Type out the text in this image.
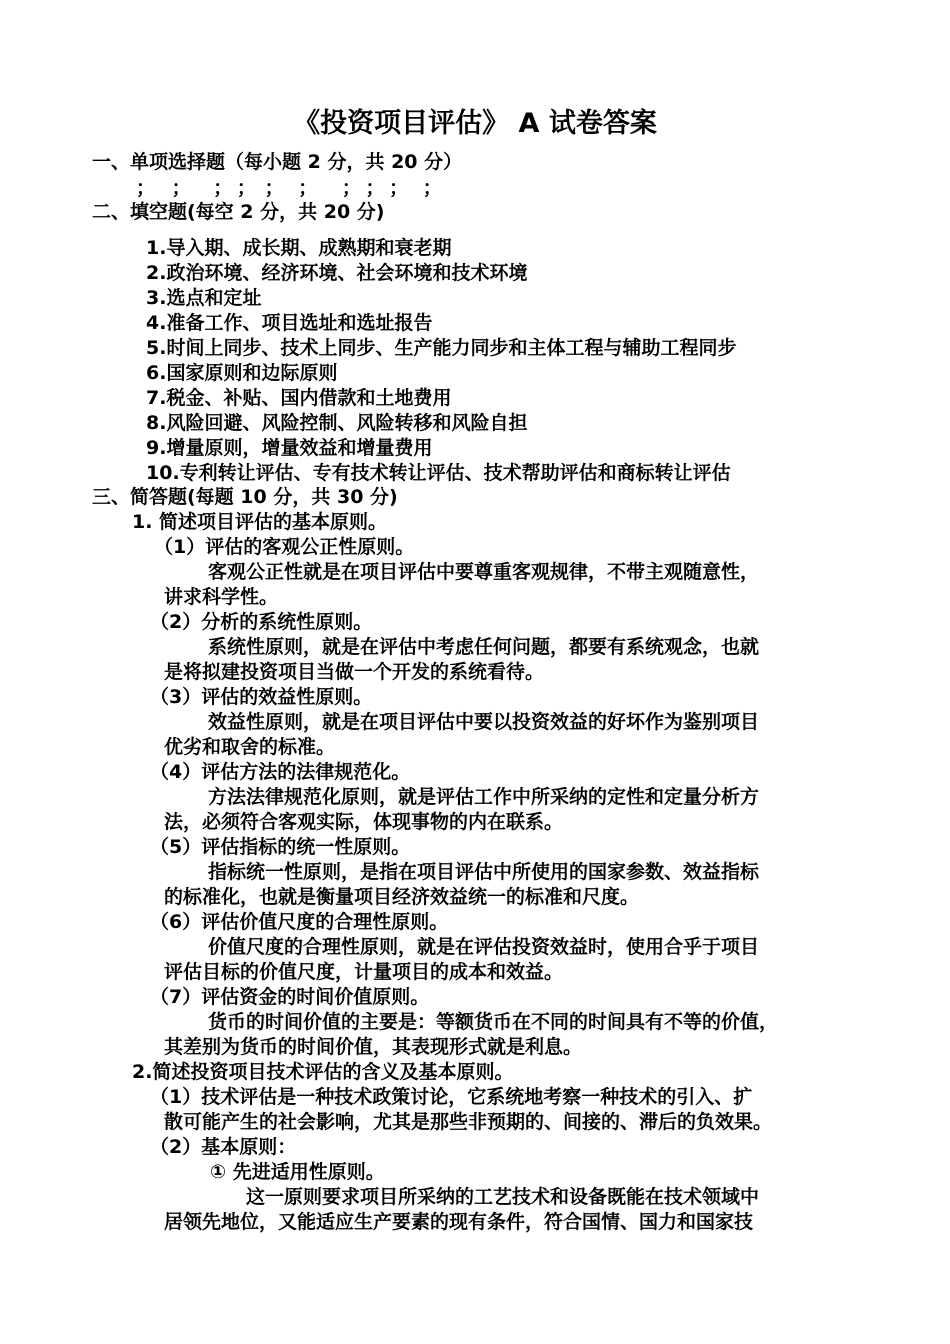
《投资项目评估》 A 试卷答案
一、单项选择题（每小题 2 分，共 20 分）
； ； ； ； ； ； ； ； ； ；
二、填空题(每空 2 分，共 20 分)
1.导入期、成长期、成熟期和衰老期
2.政治环境、经济环境、社会环境和技术环境
3.选点和定址
4.准备工作、项目选址和选址报告
5.时间上同步、技术上同步、生产能力同步和主体工程与辅助工程同步
6.国家原则和边际原则
7.税金、补贴、国内借款和土地费用
8.风险回避、风险控制、风险转移和风险自担
9.增量原则，增量效益和增量费用
10.专利转让评估、专有技术转让评估、技术帮助评估和商标转让评估
三、简答题(每题 10 分，共 30 分)
1. 简述项目评估的基本原则。
（1）评估的客观公正性原则。
客观公正性就是在项目评估中要尊重客观规律，不带主观随意性，
讲求科学性。
（2）分析的系统性原则。
系统性原则，就是在评估中考虑任何问题，都要有系统观念，也就
是将拟建投资项目当做一个开发的系统看待。
（3）评估的效益性原则。
效益性原则，就是在项目评估中要以投资效益的好坏作为鉴别项目
优劣和取舍的标准。
（4）评估方法的法律规范化。
方法法律规范化原则，就是评估工作中所采纳的定性和定量分析方
法，必须符合客观实际，体现事物的内在联系。
（5）评估指标的统一性原则。
指标统一性原则，是指在项目评估中所使用的国家参数、效益指标
的标准化，也就是衡量项目经济效益统一的标准和尺度。
（6）评估价值尺度的合理性原则。
价值尺度的合理性原则，就是在评估投资效益时，使用合乎于项目
评估目标的价值尺度，计量项目的成本和效益。
（7）评估资金的时间价值原则。
货币的时间价值的主要是：等额货币在不同的时间具有不等的价值，
其差别为货币的时间价值，其表现形式就是利息。
2.简述投资项目技术评估的含义及基本原则。
（1）技术评估是一种技术政策讨论，它系统地考察一种技术的引入、扩
散可能产生的社会影响，尤其是那些非预期的、间接的、滞后的负效果。
（2）基本原则：
① 先进适用性原则。
这一原则要求项目所采纳的工艺技术和设备既能在技术领域中
居领先地位，又能适应生产要素的现有条件，符合国情、国力和国家技
